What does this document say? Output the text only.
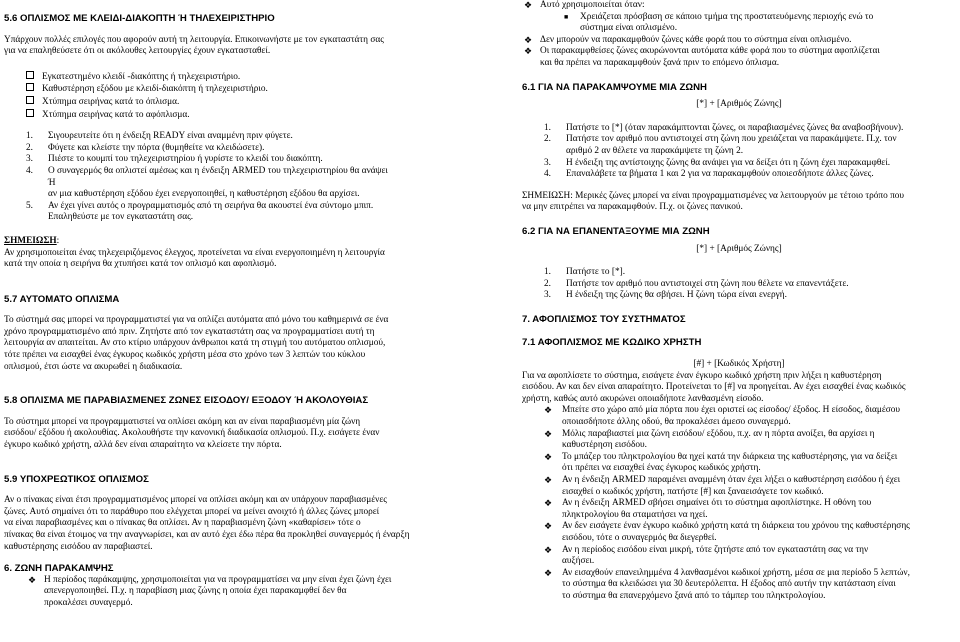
5.6 ΟΠΛΙΣΜΟΣ ΜΕ ΚΛΕΙΔΙ-ΔΙΑΚΟΠΤΗ Ή ΤΗΛΕΧΕΙΡΙΣΤΗΡΙΟ

Υπάρχουν πολλές επιλογές που αφορούν αυτή τη λειτουργία. Επικοινωνήστε με τον εγκαταστάτη σας

για να επαληθεύσετε ότι οι ακόλουθες λειτουργίες έχουν εγκατασταθεί.

Εγκατεστημένο κλειδί -διακόπτης ή τηλεχειριστήριο.

Καθυστέρηση εξόδου με κλειδί-διακόπτη ή τηλεχειριστήριο.

Χτύπημα σειρήνας κατά το όπλισμα.

Χτύπημα σειρήνας κατά το αφόπλισμα.

1. Σιγουρευτείτε ότι η ένδειξη READY είναι αναμμένη πριν φύγετε.

2. Φύγετε και κλείστε την πόρτα (θυμηθείτε να κλειδώσετε).

3. Πιέστε το κουμπί του τηλεχειριστηρίου ή γυρίστε το κλειδί του διακόπτη.

4. Ο συναγερμός θα οπλιστεί αμέσως και η ένδειξη ARMED του τηλεχειριστηρίου θα ανάψει

Ή

αν μια καθυστέρηση εξόδου έχει ενεργοποιηθεί, η καθυστέρηση εξόδου θα αρχίσει.

5. Αν έχει γίνει αυτός ο προγραμματισμός από τη σειρήνα θα ακουστεί ένα σύντομο μπιπ.

Επαληθεύστε με τον εγκαταστάτη σας.

ΣΗΜΕΙΩΣΗ:

Αν χρησιμοποιείται ένας τηλεχειριζόμενος έλεγχος, προτείνεται να είναι ενεργοποιημένη η λειτουργία

κατά την οποία η σειρήνα θα χτυπήσει κατά τον οπλισμό και αφοπλισμό.

5.7 ΑΥΤΟΜΑΤΟ ΟΠΛΙΣΜΑ

Το σύστημά σας μπορεί να προγραμματιστεί για να οπλίζει αυτόματα από μόνο του καθημερινά σε ένα

χρόνο προγραμματισμένο από πριν. Ζητήστε από τον εγκαταστάτη σας να προγραμματίσει αυτή τη

λειτουργία αν απαιτείται. Αν στο κτίριο υπάρχουν άνθρωποι κατά τη στιγμή του αυτόματου οπλισμού,

τότε πρέπει να εισαχθεί ένας έγκυρος κωδικός χρήστη μέσα στο χρόνο των 3 λεπτών του κύκλου

οπλισμού, έτσι ώστε να ακυρωθεί η διαδικασία.

5.8 ΟΠΛΙΣΜΑ ΜΕ ΠΑΡΑΒΙΑΣΜΕΝΕΣ ΖΩΝΕΣ ΕΙΣΟΔΟΥ/ ΕΞΟΔΟΥ Ή ΑΚΟΛΟΥΘΙΑΣ

Το σύστημα μπορεί να προγραμματιστεί να οπλίσει ακόμη και αν είναι παραβιασμένη μία ζώνη

εισόδου/ εξόδου ή ακολουθίας. Ακολουθήστε την κανονική διαδικασία οπλισμού. Π.χ. εισάγετε έναν

έγκυρο κωδικό χρήστη, αλλά δεν είναι απαραίτητο να κλείσετε την πόρτα.

5.9 ΥΠΟΧΡΕΩΤΙΚΟΣ ΟΠΛΙΣΜΟΣ

Αν ο πίνακας είναι έτσι προγραμματισμένος μπορεί να οπλίσει ακόμη και αν υπάρχουν παραβιασμένες

ζώνες. Αυτό σημαίνει ότι το παράθυρο που ελέγχεται μπορεί να μείνει ανοιχτό ή άλλες ζώνες μπορεί

να είναι παραβιασμένες και ο πίνακας θα οπλίσει. Αν η παραβιασμένη ζώνη «καθαρίσει» τότε ο

πίνακας θα είναι έτοιμος να την αναγνωρίσει, και αν αυτό έχει έδω πέρα θα προκληθεί συναγερμός ή έναρξη

καθυστέρησης εισόδου αν παραβιαστεί.

6. ΖΩΝΗ ΠΑΡΑΚΑΜΨΗΣ

❖ Η περίοδος παράκαμψης, χρησιμοποιείται για να προγραμματίσει να μην είναι έχει ζώνη έχει

απενεργοποιηθεί. Π.χ. η παραβίαση μιας ζώνης η οποία έχει παρακαμφθεί δεν θα

προκαλέσει συναγερμό.

❖ Αυτό χρησιμοποιείται όταν:

■ Χρειάζεται πρόσβαση σε κάποιο τμήμα της προστατευόμενης περιοχής ενώ το

σύστημα είναι οπλισμένο.

❖ Δεν μπορούν να παρακαμφθούν ζώνες κάθε φορά που το σύστημα είναι οπλισμένο.

❖ Οι παρακαμφθείσες ζώνες ακυρώνονται αυτόματα κάθε φορά που το σύστημα αφοπλίζεται

και θα πρέπει να παρακαμφθούν ξανά πριν το επόμενο όπλισμα.

6.1 ΓΙΑ ΝΑ ΠΑΡΑΚΑΜΨΟΥΜΕ ΜΙΑ ΖΩΝΗ

[*] + [Αριθμός Ζώνης]

1. Πατήστε το [*] (όταν παρακάμπτονται ζώνες, οι παραβιασμένες ζώνες θα αναβοσβήνουν).

2. Πατήστε τον αριθμό που αντιστοιχεί στη ζώνη που χρειάζεται να παρακάμψετε. Π.χ. τον

αριθμό 2 αν θέλετε να παρακάμψετε τη ζώνη 2.

3. Η ένδειξη της αντίστοιχης ζώνης θα ανάψει για να δείξει ότι η ζώνη έχει παρακαμφθεί.

4. Επαναλάβετε τα βήματα 1 και 2 για να παρακαμφθούν οποιεσδήποτε άλλες ζώνες.

ΣΗΜΕΙΩΣΗ: Μερικές ζώνες μπορεί να είναι προγραμματισμένες να λειτουργούν με τέτοιο τρόπο που

να μην επιτρέπει να παρακαμφθούν. Π.χ. οι ζώνες πανικού.

6.2 ΓΙΑ ΝΑ ΕΠΑΝΕΝΤΑΞΟΥΜΕ ΜΙΑ ΖΩΝΗ

[*] + [Αριθμός Ζώνης]

1. Πατήστε το [*].

2. Πατήστε τον αριθμό που αντιστοιχεί στη ζώνη που θέλετε να επανεντάξετε.

3. Η ένδειξη της ζώνης θα σβήσει. Η ζώνη τώρα είναι ενεργή.

7. ΑΦΟΠΛΙΣΜΟΣ ΤΟΥ ΣΥΣΤΗΜΑΤΟΣ

7.1 ΑΦΟΠΛΙΣΜΟΣ ΜΕ ΚΩΔΙΚΟ ΧΡΗΣΤΗ

[#] + [Κωδικός Χρήστη]

Για να αφοπλίσετε το σύστημα, εισάγετε έναν έγκυρο κωδικό χρήστη πριν λήξει η καθυστέρηση

εισόδου. Αν και δεν είναι απαραίτητο. Προτείνεται το [#] να προηγείται. Αν έχει εισαχθεί ένας κωδικός

χρήστη, καθώς αυτό ακυρώνει οποιαδήποτε λανθασμένη είσοδο.

❖ Μπείτε στο χώρο από μία πόρτα που έχει οριστεί ως είσοδος/ έξοδος. Η είσοδος, διαμέσου

οποιασδήποτε άλλης οδού, θα προκαλέσει άμεσο συναγερμό.

❖ Μόλις παραβιαστεί μια ζώνη εισόδου/ εξόδου, π.χ. αν η πόρτα ανοίξει, θα αρχίσει η

καθυστέρηση εισόδου.

❖ Το μπάζερ του πληκτρολογίου θα ηχεί κατά την διάρκεια της καθυστέρησης, για να δείξει

ότι πρέπει να εισαχθεί ένας έγκυρος κωδικός χρήστη.

❖ Αν η ένδειξη ARMED παραμένει αναμμένη όταν έχει λήξει ο καθυστέρηση εισόδου ή έχει

εισαχθεί ο κωδικός χρήστη, πατήστε [#] και ξαναεισάγετε τον κωδικό.

❖ Αν η ένδειξη ARMED σβήσει σημαίνει ότι το σύστημα αφοπλίστηκε. Η οθόνη του

πληκτρολογίου θα σταματήσει να ηχεί.

❖ Αν δεν εισάγετε έναν έγκυρο κωδικό χρήστη κατά τη διάρκεια του χρόνου της καθυστέρησης

εισόδου, τότε ο συναγερμός θα διεγερθεί.

❖ Αν η περίοδος εισόδου είναι μικρή, τότε ζητήστε από τον εγκαταστάτη σας να την

αυξήσει.

❖ Αν εισαχθούν επανειλημμένα 4 λανθασμένοι κωδικοί χρήστη, μέσα σε μια περίοδο 5 λεπτών,

το σύστημα θα κλειδώσει για 30 δευτερόλεπτα. Η έξοδος από αυτήν την κατάσταση είναι

το σύστημα θα επανερχόμενο ξανά από το τάμπερ του πληκτρολογίου.
